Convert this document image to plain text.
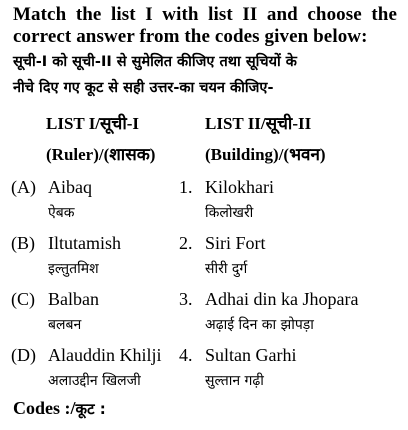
Match the list I with list II and choose the correct answer from the codes given below:
सूची-I को सूची-II से सुमेलित कीजिए तथा सूचियों के
नीचे दिए गए कूट से सही उत्तर-का चयन कीजिए-
LIST I/सूची-I
(Ruler)/(शासक)
LIST II/सूची-II
(Building)/(भवन)
(A) Aibaq
ऐबक
1. Kilokhari
किलोखरी
(B) Iltutamish
इल्तुतमिश
2. Siri Fort
सीरी दुर्ग
(C) Balban
बलबन
3. Adhai din ka Jhopara
अढ़ाई दिन का झोपड़ा
(D) Alauddin Khilji
अलाउद्दीन खिलजी
4. Sultan Garhi
सुल्तान गढ़ी
Codes :/कूट :
